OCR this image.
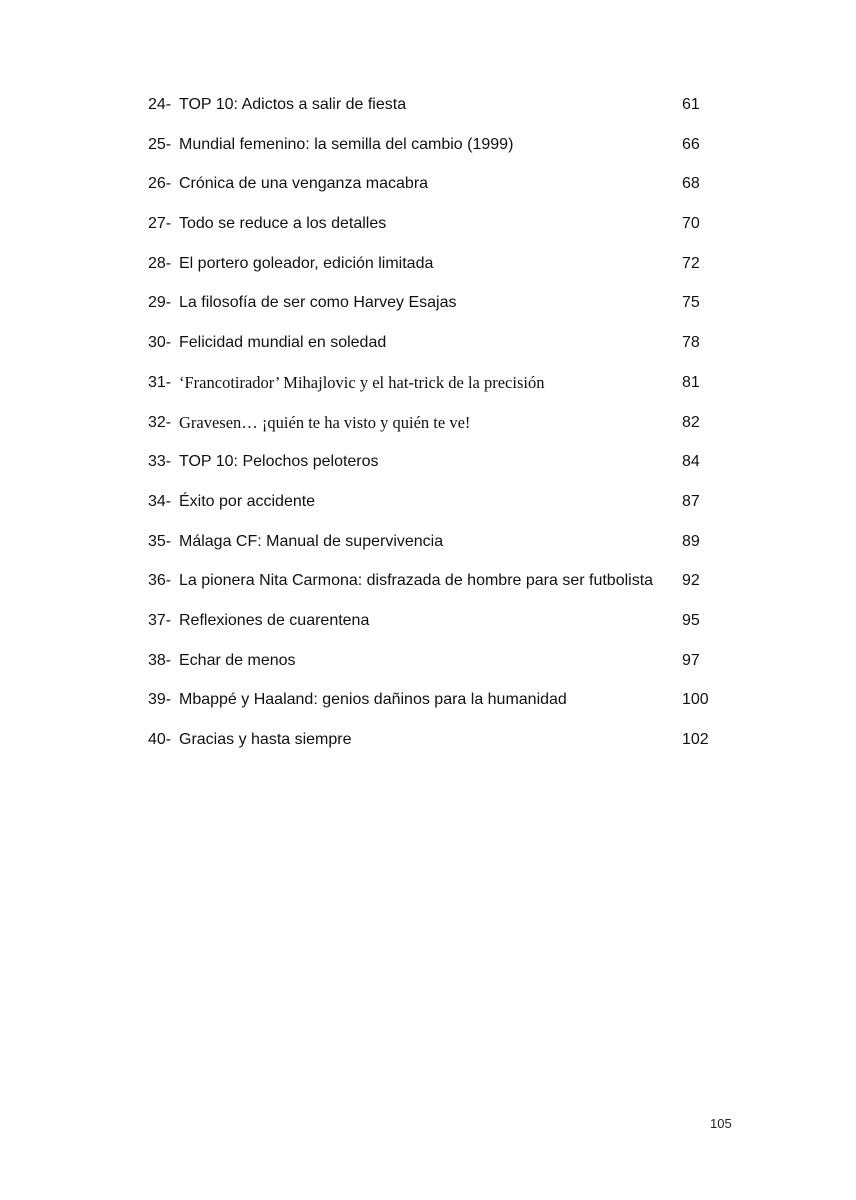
24- TOP 10: Adictos a salir de fiesta	61
25- Mundial femenino: la semilla del cambio (1999)	66
26- Crónica de una venganza macabra	68
27- Todo se reduce a los detalles	70
28- El portero goleador, edición limitada	72
29- La filosofía de ser como Harvey Esajas	75
30- Felicidad mundial en soledad	78
31- ‘Francotirador’ Mihajlovic y el hat-trick de la precisión	81
32- Gravesen… ¡quién te ha visto y quién te ve!	82
33- TOP 10: Pelochos peloteros	84
34- Éxito por accidente	87
35- Málaga CF: Manual de supervivencia	89
36- La pionera Nita Carmona: disfrazada de hombre para ser futbolista 92
37- Reflexiones de cuarentena	95
38- Echar de menos	97
39- Mbappé y Haaland: genios dañinos para la humanidad	100
40- Gracias y hasta siempre	102
105
